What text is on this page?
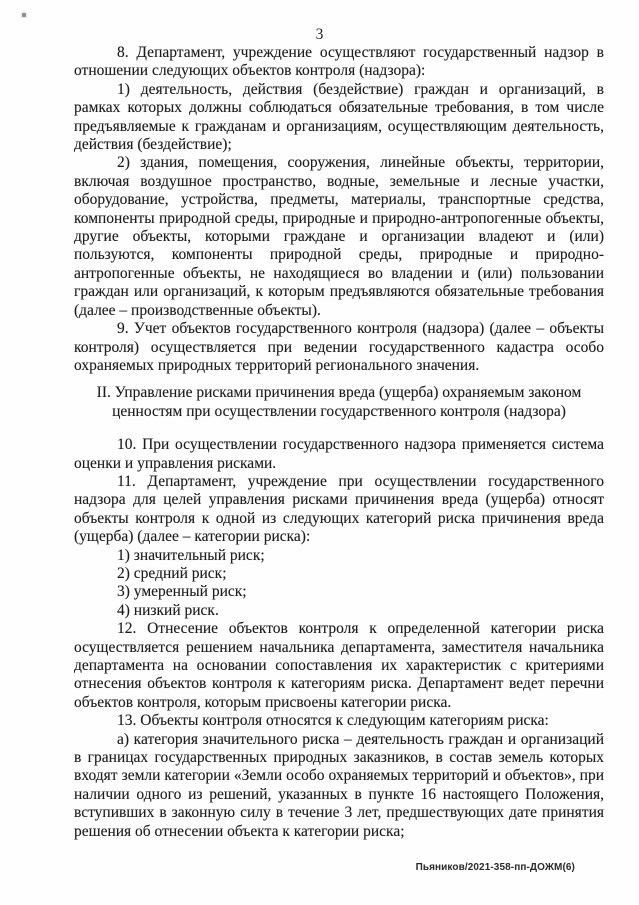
3

8. Департамент, учреждение осуществляют государственный надзор в отношении следующих объектов контроля (надзора):

1) деятельность, действия (бездействие) граждан и организаций, в рамках которых должны соблюдаться обязательные требования, в том числе предъявляемые к гражданам и организациям, осуществляющим деятельность, действия (бездействие);

2) здания, помещения, сооружения, линейные объекты, территории, включая воздушное пространство, водные, земельные и лесные участки, оборудование, устройства, предметы, материалы, транспортные средства, компоненты природной среды, природные и природно-антропогенные объекты, другие объекты, которыми граждане и организации владеют и (или) пользуются, компоненты природной среды, природные и природно-антропогенные объекты, не находящиеся во владении и (или) пользовании граждан или организаций, к которым предъявляются обязательные требования (далее – производственные объекты).

9. Учет объектов государственного контроля (надзора) (далее – объекты контроля) осуществляется при ведении государственного кадастра особо охраняемых природных территорий регионального значения.

II. Управление рисками причинения вреда (ущерба) охраняемым законом ценностям при осуществлении государственного контроля (надзора)

10. При осуществлении государственного надзора применяется система оценки и управления рисками.

11. Департамент, учреждение при осуществлении государственного надзора для целей управления рисками причинения вреда (ущерба) относят объекты контроля к одной из следующих категорий риска причинения вреда (ущерба) (далее – категории риска):

1) значительный риск;

2) средний риск;

3) умеренный риск;

4) низкий риск.

12. Отнесение объектов контроля к определенной категории риска осуществляется решением начальника департамента, заместителя начальника департамента на основании сопоставления их характеристик с критериями отнесения объектов контроля к категориям риска. Департамент ведет перечни объектов контроля, которым присвоены категории риска.

13. Объекты контроля относятся к следующим категориям риска:

а) категория значительного риска – деятельность граждан и организаций в границах государственных природных заказников, в состав земель которых входят земли категории «Земли особо охраняемых территорий и объектов», при наличии одного из решений, указанных в пункте 16 настоящего Положения, вступивших в законную силу в течение 3 лет, предшествующих дате принятия решения об отнесении объекта к категории риска;

Пьяников/2021-358-пп-ДОЖМ(6)
